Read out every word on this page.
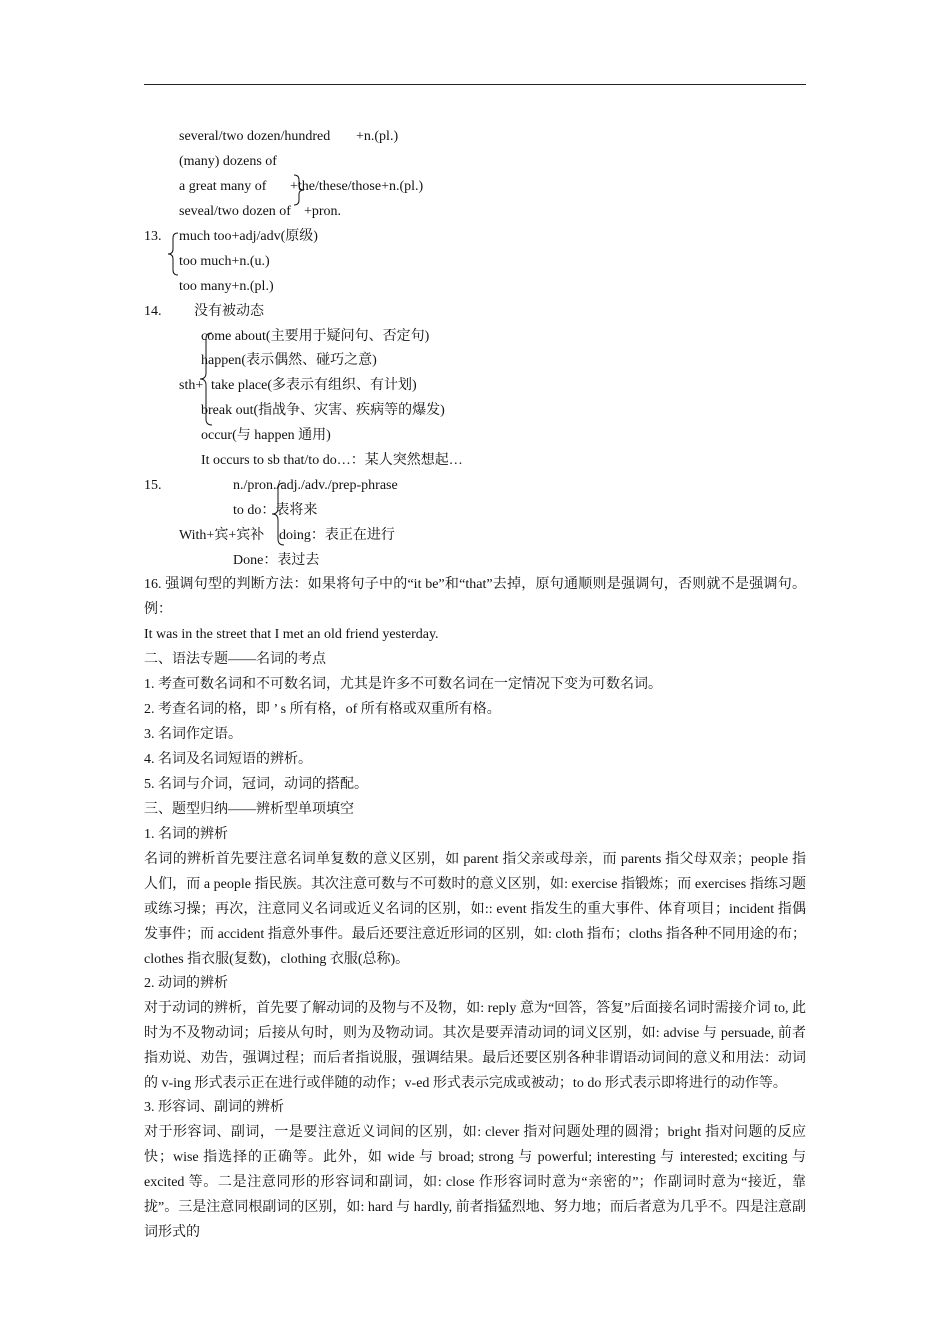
several/two dozen/hundred +n.(pl.)
(many) dozens of
a great many of +the/these/those+n.(pl.)
seveal/two dozen of +pron.
13. much too+adj/adv(原级)
too much+n.(u.)
too many+n.(pl.)
14. 没有被动态
sth+
come about(主要用于疑问句、否定句)
happen(表示偶然、碰巧之意)
take place(多表示有组织、有计划)
break out(指战争、灾害、疾病等的爆发)
occur(与 happen 通用)
It occurs to sb that/to do…：某人突然想起…
15.	n./pron./adj./adv./prep-phrase
to do：表将来
With+宾+宾补 doing：表正在进行
Done：表过去
16. 强调句型的判断方法：如果将句子中的“it be”和“that”去掉，原句通顺则是强调句，否则就不是强调句。例：
It was in the street that I met an old friend yesterday.
二、语法专题——名词的考点
1. 考查可数名词和不可数名词，尤其是许多不可数名词在一定情况下变为可数名词。
2. 考查名词的格，即 ’ s 所有格，of 所有格或双重所有格。
3. 名词作定语。
4. 名词及名词短语的辨析。
5. 名词与介词，冠词，动词的搭配。
三、题型归纳——辨析型单项填空
1. 名词的辨析
名词的辨析首先要注意名词单复数的意义区别，如 parent 指父亲或母亲，而 parents 指父母双亲；people 指人们，而 a people 指民族。其次注意可数与不可数时的意义区别，如: exercise 指锻炼；而 exercises 指练习题或练习操；再次，注意同义名词或近义名词的区别，如:: event 指发生的重大事件、体育项目；incident 指偶发事件；而 accident 指意外事件。最后还要注意近形词的区别，如: cloth 指布；cloths 指各种不同用途的布；clothes 指衣服(复数)，clothing 衣服(总称)。
2. 动词的辨析
对于动词的辨析，首先要了解动词的及物与不及物，如: reply 意为“回答，答复”后面接名词时需接介词 to, 此时为不及物动词；后接从句时，则为及物动词。其次是要弄清动词的词义区别，如: advise 与 persuade, 前者指劝说、劝告，强调过程；而后者指说服，强调结果。最后还要区别各种非谓语动词间的意义和用法：动词的 v-ing 形式表示正在进行或伴随的动作；v-ed 形式表示完成或被动；to do 形式表示即将进行的动作等。
3. 形容词、副词的辨析
对于形容词、副词，一是要注意近义词间的区别，如: clever 指对问题处理的圆滑；bright 指对问题的反应快；wise 指选择的正确等。此外，如 wide 与 broad; strong 与 powerful; interesting 与 interested; exciting 与 excited 等。二是注意同形的形容词和副词，如: close 作形容词时意为“亲密的”；作副词时意为“接近，靠拢”。三是注意同根副词的区别，如: hard 与 hardly, 前者指猛烈地、努力地；而后者意为几乎不。四是注意副词形式的
